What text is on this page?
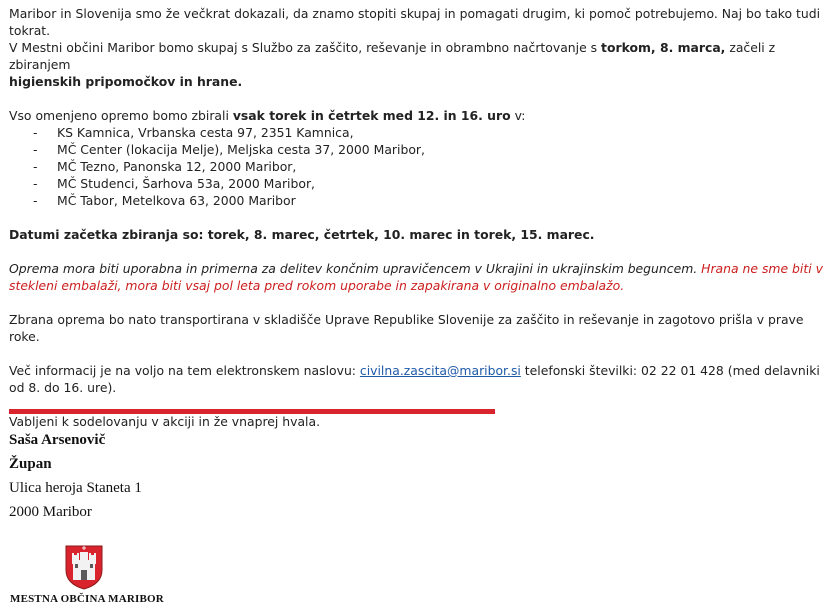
Maribor in Slovenija smo že večkrat dokazali, da znamo stopiti skupaj in pomagati drugim, ki pomoč potrebujemo. Naj bo tako tudi tokrat.
V Mestni občini Maribor bomo skupaj s Službo za zaščito, reševanje in obrambno načrtovanje s torkom, 8. marca, začeli z zbiranjem
higienskih pripomočkov in hrane.

Vso omenjeno opremo bomo zbirali vsak torek in četrtek med 12. in 16. uro v:

- KS Kamnica, Vrbanska cesta 97, 2351 Kamnica,
- MČ Center (lokacija Melje), Meljska cesta 37, 2000 Maribor,
- MČ Tezno, Panonska 12, 2000 Maribor,
- MČ Studenci, Šarhova 53a, 2000 Maribor,
- MČ Tabor, Metelkova 63, 2000 Maribor

Datumi začetka zbiranja so: torek, 8. marec, četrtek, 10. marec in torek, 15. marec.

Oprema mora biti uporabna in primerna za delitev končnim upravičencem v Ukrajini in ukrajinskim beguncem. Hrana ne sme biti v stekleni embalaži, mora biti vsaj pol leta pred rokom uporabe in zapakirana v originalno embalažo.

Zbrana oprema bo nato transportirana v skladišče Uprave Republike Slovenije za zaščito in reševanje in zagotovo prišla v prave roke.

Več informacij je na voljo na tem elektronskem naslovu: civilna.zascita@maribor.si telefonski številki: 02 22 01 428 (med delavniki od 8. do 16. ure).

Vabljeni k sodelovanju v akciji in že vnaprej hvala.

Saša Arsenovič
Župan
Ulica heroja Staneta 1
2000 Maribor
MESTNA OBČINA MARIBOR
